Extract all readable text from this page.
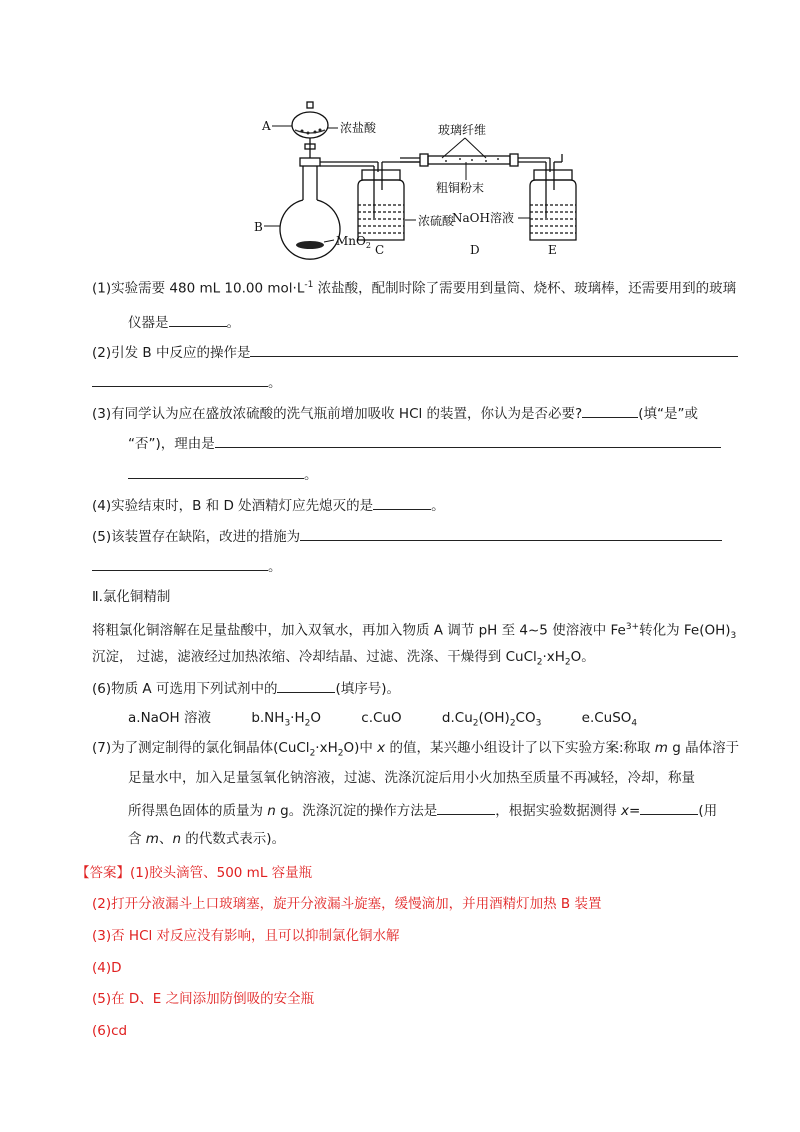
A	浓盐酸
B
MnO$_2$ C
浓硫酸
玻璃纤维
粗铜粉末
D
NaOH溶液
E
(1)实验需要 480 mL 10.00 $mol\cdot L^{-1}$ 浓盐酸，配制时除了需要用到量筒、烧杯、玻璃棒，还需要用到的玻璃
仪器是	。
(2)引发 B 中反应的操作是
。
(3)有同学认为应在盛放浓硫酸的洗气瓶前增加吸收 HCl 的装置，你认为是否必要?	(填“是”或
“否”)，理由是
。
(4)实验结束时，B 和 D 处酒精灯应先熄灭的是	。
(5)该装置存在缺陷，改进的措施为
。
Ⅱ.氯化铜精制
将粗氯化铜溶解在足量盐酸中，加入双氧水，再加入物质 A 调节 pH 至 4~5 使溶液中 $Fe^{3+}$转化为 $Fe(OH)_3$
沉淀， 过滤，滤液经过加热浓缩、冷却结晶、过滤、洗涤、干燥得到 $CuCl_2\cdot xH_2O$。
(6)物质 A 可选用下列试剂中的	(填序号)。
a.NaOH 溶液	$b.NH_3\cdot H_2O$	c.CuO	$d.Cu_2(OH)_2CO_3$	e.CuSO$_4$
(7)为了测定制得的氯化铜晶体$(CuCl_2\cdot xH_2O)$中 x 的值，某兴趣小组设计了以下实验方案:称取 m g 晶体溶于
足量水中，加入足量氢氧化钠溶液，过滤、洗涤沉淀后用小火加热至质量不再减轻，冷却，称量
所得黑色固体的质量为 n g。洗涤沉淀的操作方法是	，根据实验数据测得 x=	(用
含 m、n 的代数式表示)。
【答案】(1)胶头滴管、500 mL 容量瓶
(2)打开分液漏斗上口玻璃塞，旋开分液漏斗旋塞，缓慢滴加，并用酒精灯加热 B 装置
(3)否 HCl 对反应没有影响，且可以抑制氯化铜水解
(4)D
(5)在 D、E 之间添加防倒吸的安全瓶
(6)cd
